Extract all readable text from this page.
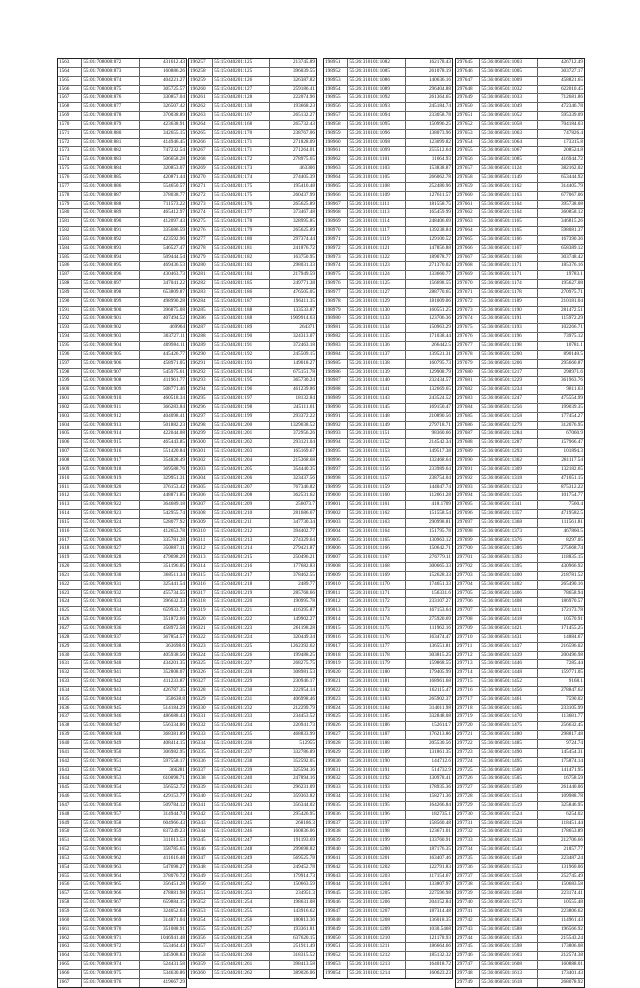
1563	55:01:708008:872	431612.43
1564	55:01:708008:873	160886.26
1565	55:01:708008:874	404221.27
1566	55:01:708008:875	305725.57
1567	55:01:708008:876	330857.04
1568	55:01:708008:877	326507.42
1569	55:01:708008:878	370038.89
1570	55:01:708008:879	423638.91
1571	55:01:708008:880	342655.15
1572	55:01:708008:881	414946.45
1573	55:01:708008:882	747232.54
1574	55:01:708008:883	506658.28
1575	55:01:708008:884	320853.07
1576	55:01:708008:885	420871.44
1577	55:01:708008:886	554650.57
1578	55:01:708008:887	378038.77
1579	55:01:708008:888	711573.22
1580	55:01:708008:889	465412.97
1581	55:01:708008:890	412097.43
1582	55:01:708008:891	335686.59
1583	55:01:708008:892	423592.96
1584	55:01:708008:893	546527.47
1585	55:01:708008:894	509444.54
1586	55:01:708008:895	469436.53
1587	55:01:708008:896	430463.73
1588	55:01:708008:897	347041.22
1589	55:01:708008:898	653809.87
1590	55:01:708008:899	498990.28
1591	55:01:708008:900	396875.08
1592	55:01:708008:901	407494.52
1593	55:01:708008:902	469964
1594	55:01:708008:903	303727.11
1595	55:01:708008:904	409984.11
1596	55:01:708008:905	445426.77
1597	55:01:708008:906	458971.05
1598	55:01:708008:907	545975.61
1599	55:01:708008:908	411961.77
1600	55:01:708008:909	508771.46
1601	55:01:708008:910	460518.34
1602	55:01:708008:911	366283.84
1603	55:01:708008:912	404098.41
1604	55:01:708008:913	501882.23
1605	55:01:708008:914	422044.08
1606	55:01:708008:915	465443.85
1607	55:01:708008:916	551420.84
1608	55:01:708008:917	354828.49
1609	55:01:708008:918	369588.76
1610	55:01:708008:919	329951.31
1611	55:01:708008:920	376153.42
1612	55:01:708008:921	448871.85
1613	55:01:708008:922	364689.18
1614	55:01:708008:923	542955.74
1615	55:01:708008:924	528077.92
1616	55:01:708008:925	412653.78
1617	55:01:708008:926	335781.28
1618	55:01:708008:927	350887.11
1619	55:01:708008:928	479698.29
1620	55:01:708008:929	351196.05
1621	55:01:708008:930	368511.34
1622	55:01:708008:931	325441.54
1623	55:01:708008:932	455734.55
1624	55:01:708008:933	396632.33
1625	55:01:708008:934	659933.73
1626	55:01:708008:935	351872.66
1627	55:01:708008:936	458972.58
1628	55:01:708008:937	367854.57
1629	55:01:708008:938	363698.6
1630	55:01:708008:939	405938.56
1631	55:01:708008:940	434201.35
1632	55:01:708008:941	352808.07
1633	55:01:708008:942	411233.87
1634	55:01:708008:943	426787.35
1635	55:01:708008:944	350638.8
1636	55:01:708008:945	514184.29
1637	55:01:708008:946	486688.43
1638	55:01:708008:947	556334.86
1639	55:01:708008:948	368381.89
1640	55:01:708008:949	408414.15
1641	55:01:708008:950	306982.95
1642	55:01:708008:951	597558.17
1643	55:01:708008:952	366281
1644	55:01:708008:953	610098.71
1645	55:01:708008:954	356552.72
1646	55:01:708008:955	429153.77
1647	55:01:708008:956	509784.12
1648	55:01:708008:957	314944.74
1649	55:01:708008:958	604966.43
1650	55:01:708008:959	837249.23
1651	55:01:708008:960	311613.53
1652	55:01:708008:961	358785.65
1653	55:01:708008:962	411616.48
1654	55:01:708008:963	547698.27
1655	55:01:708008:964	378070.72
1656	55:01:708008:965	356451.28
1657	55:01:708008:966	478881.98
1658	55:01:708008:967	659884.15
1659	55:01:708008:968	324052.63
1660	55:01:708008:969	314871.04
1661	55:01:708008:970	351088.91
1662	55:01:708008:971	1046941.48
1663	55:01:708008:972	553464.43
1664	55:01:708008:973	345908.83
1665	55:01:708008:974	524431.58
1666	55:01:708008:975	534630.86
1667	55:01:708008:976	419667.29
196257	55:15:040201:125	213745.89
196258	55:15:040201:125	396039.55
196259	55:15:040201:126	326387.82
196260	55:15:040201:127	259186.41
196261	55:15:040201:128	222074.96
196262	55:15:040201:130	193668.23
196263	55:15:040201:167	265132.27
196264	55:15:040201:168	265732.43
196265	55:15:040201:170	238767.06
196266	55:15:040201:171	271828.09
196267	55:15:040201:171	271264.01
196268	55:15:040201:172	278975.65
196269	55:15:040201:173	463306
196270	55:15:040201:174	274405.39
196271	55:15:040201:175	195410.48
196272	55:15:040201:175	260437.99
196273	55:15:040201:176	265625.89
196274	55:15:040201:177	373467.48
196275	55:15:040201:178	328995.85
196276	55:15:040201:179	265625.89
196277	55:15:040201:180	297374.44
196278	55:15:040201:181	241876.72
196279	55:15:040201:182	163750.95
196280	55:15:040201:183	298031.33
196281	55:15:040201:184	217949.59
196282	55:15:040201:185	249771.38
196283	55:15:040201:186	476505.05
196284	55:15:040201:187	196411.35
196285	55:15:040201:188	133533.87
196286	55:15:040201:188	1909914.63
196287	55:15:040201:189	264371
196288	55:15:040201:190	324313.07
196289	55:15:040201:191	372463.18
196290	55:15:040201:192	245509.15
196291	55:15:040201:193	149018.27
196292	55:15:040201:194	675151.78
196293	55:15:040201:195	365730.24
196294	55:15:040201:196	461239.86
196295	55:15:040201:197	18132.84
196296	55:15:040201:198	245111.61
196297	55:15:040201:199	293372.22
196298	55:15:040201:200	1329038.52
196299	55:15:040201:201	372956.26
196300	55:15:040201:202	293121.04
196301	55:15:040201:203	165169.67
196302	55:15:040201:204	215368.68
196303	55:15:040201:205	354440.35
196304	55:15:040201:206	323437.56
196305	55:15:040201:207	767346.82
196306	55:15:040201:208	362531.62
196307	55:15:040201:209	256073.7
196308	55:15:040201:210	281686.67
196309	55:15:040201:211	347730.34
196310	55:15:040201:212	394402.77
196311	55:15:040201:213	274329.64
196312	55:15:040201:214	279421.87
196313	55:15:040201:215	250496.21
196314	55:15:040201:216	177682.83
196315	55:15:040201:217	378462.55
196316	55:15:040201:218	2489.77
196317	55:15:040201:219	285768.66
196318	55:15:040201:220	190995.78
196319	55:15:040201:221	416395.87
196320	55:15:040201:222	149902.27
196321	55:15:040201:223	261198.28
196322	55:15:040201:224	320449.34
196323	55:15:040201:225	1262392.62
196324	55:15:040201:226	199488.25
196325	55:15:040201:227	268275.75
196326	55:15:040201:228	308981.53
196327	55:15:040201:229	230946.17
196328	55:15:040201:230	222954.14
196329	55:15:040201:231	406998.46
196330	55:15:040201:232	212299.79
196331	55:15:040201:233	234453.52
196332	55:15:040201:234	220941.73
196333	55:15:040201:235	468833.99
196334	55:15:040201:236	512955
196335	55:15:040201:237	332786.89
196336	55:15:040201:238	352592.05
196337	55:15:040201:239	325594.36
196338	55:15:040201:240	247894.16
196339	55:15:040201:241	296231.09
196340	55:15:040201:242	359363.82
196341	55:15:040201:243	356344.02
196342	55:15:040201:244	295426.95
196343	55:15:040201:245	268186.3
196344	55:15:040201:246	160836.06
196345	55:15:040201:247	191193.69
196346	55:15:040201:248	299698.82
196347	55:15:040201:249	569525.78
196348	55:15:040201:250	249452.78
196349	55:15:040201:251	179914.73
196350	55:15:040201:252	150663.59
196351	55:15:040201:253	234951.3
196352	55:15:040201:254	198631.08
196353	55:15:040201:255	143916.62
196354	55:15:040201:256	180813.36
196355	55:15:040201:257	193361.81
196356	55:15:040201:258	637620.15
196357	55:15:040201:259	251911.49
196358	55:15:040201:260	318315.52
196359	55:15:040201:261	398413.58
196360	55:15:040201:262	389026.06
198951	55:26:310101:1082	162178.43
198952	55:26:310101:1085	261078.19
198953	55:26:310101:1086	140636.16
198954	55:26:310101:1089	296404.88
198955	55:26:310101:1092	261364.65
198956	55:26:310101:1093	245184.74
198957	55:26:310101:1094	233058.78
198958	55:26:310101:1095	150996.25
198959	55:26:310101:1096	138073.96
198960	55:26:310101:1098	123099.82
198961	55:26:310101:1099	255512.64
198962	55:26:310101:1101	11664.93
198963	55:26:310101:1103	153838.87
198964	55:26:310101:1105	266062.78
198965	55:26:310101:1108	252480.96
198966	55:26:310101:1109	127611.57
198967	55:26:310101:1111	181558.75
198968	55:26:310101:1113	165459.99
198969	55:26:310101:1114	248406.69
198970	55:26:310101:1117	139238.84
198971	55:26:310101:1119	129100.52
198972	55:26:310101:1121	147856.88
198973	55:26:310101:1122	189078.77
198974	55:26:310101:1123	271370.02
198975	55:26:310101:1124	133660.77
198976	55:26:310101:1125	156698.55
198977	55:26:310101:1127	288770.65
198978	55:26:310101:1129	181009.06
198979	55:26:310101:1130	160551.25
198980	55:26:310101:1133	123706.36
198981	55:26:310101:1134	150963.29
198982	55:26:310101:1135	171038.44
198983	55:26:310101:1136	266442.5
198984	55:26:310101:1137	139521.31
198985	55:26:310101:1138	160795.73
198986	55:26:310101:1139	129908.79
198987	55:26:310101:1140	232434.57
198988	55:26:310101:1141	132669.65
198989	55:26:310101:1143	243524.52
198990	55:26:310101:1145	169150.47
198991	55:26:310101:1148	210890.56
198992	55:26:310101:1149	279718.71
198993	55:26:310101:1151	98360.66
198994	55:26:310101:1152	214542.34
198995	55:26:310101:1153	149517.38
198996	55:26:310101:1155	132468.64
198997	55:26:310101:1156	233989.64
198998	55:26:310101:1157	238754.04
198999	55:26:310101:1159	144047.74
199000	55:26:310101:1160	112661.28
199001	55:26:310101:1161	418.1709
199002	55:26:310101:1162	151558.54
199003	55:26:310101:1163	290998.81
199004	55:26:310101:1164	151795.78
199005	55:26:310101:1165	130963.12
199006	55:26:310101:1166	150642.71
199007	55:26:310101:1167	276779.11
199008	55:26:310101:1168	300665.33
199009	55:26:310101:1169	152628.33
199010	55:26:310101:1170	174651.33
199011	55:26:310101:1171	156331.6
199012	55:26:310101:1172	233107.27
199013	55:26:310101:1173	167153.64
199014	55:26:310101:1174	275920.69
199015	55:26:310101:1175	111962.16
199016	55:26:310101:1176	163474.47
199017	55:26:310101:1177	136551.81
199018	55:26:310101:1178	303815.25
199019	55:26:310101:1179	159868.55
199020	55:26:310101:1180	179405.99
199021	55:26:310101:1181	168961.68
199022	55:26:310101:1182	162115.47
199023	55:26:310101:1183	265902.37
199024	55:26:310101:1184	314011.98
199025	55:26:310101:1185	332848.08
199026	55:26:310101:1186	152614.7
199027	55:26:310101:1187	176213.86
199028	55:26:310101:1188	205530.56
199029	55:26:310101:1189	131861.35
199030	55:26:310101:1190	144712.6
199031	55:26:310101:1191	514732.9
199032	55:26:310101:1192	130978.41
199033	55:26:310101:1193	178935.36
199034	55:26:310101:1194	158271.36
199035	55:26:310101:1195	164266.84
199036	55:26:310101:1196	182735.1
199037	55:26:310101:1197	158560.48
199038	55:26:310101:1198	123671.01
199039	55:26:310101:1199	133760.91
199040	55:26:310101:1200	187176.35
199041	55:26:310101:1201	163407.46
199042	55:26:310101:1202	122791.83
199043	55:26:310101:1203	117154.67
199044	55:26:310101:1204	133807.97
199045	55:26:310101:1205	227596.98
199046	55:26:310101:1206	204152.84
199047	55:26:310101:1207	187314.48
199048	55:26:310101:1208	136018.35
199049	55:26:310101:1209	1030.5468
199050	55:26:310101:1210	121178.93
199051	55:26:310101:1211	186664.66
199052	55:26:310101:1212	185132.32
199053	55:26:310101:1213	164018.72
199054	55:26:310101:1214	160623.23
297645	55:36:060501:1003	426712.49
297646	55:36:060501:1005	303727.17
297647	55:36:060501:1009	458821.65
297648	55:36:060501:1032	622010.45
297649	55:36:060501:1033	712681.86
297650	55:36:060501:1049	472346.78
297651	55:36:060501:1052	595339.09
297652	55:36:060501:1058	704184.03
297653	55:36:060501:1063	747826.4
297654	55:36:060501:1064	173315.8
297655	55:36:060501:1067	208524.8
297656	55:36:060501:1085	416944.72
297657	55:36:060501:1124	382162.02
297658	55:36:060501:1149	653444.92
297659	55:36:060501:1162	314405.79
297660	55:36:060501:1163	677067.06
297661	55:36:060501:1164	395738.08
297662	55:36:060501:1164	360858.12
297663	55:36:060501:1165	346815.26
297664	55:36:060501:1165	598081.37
297665	55:36:060501:1166	167390.36
297666	55:36:060501:1167	658389.12
297667	55:36:060501:1168	303748.42
297668	55:36:060501:1171	185376.16
297669	55:36:060501:1171	19783.1
297670	55:36:060501:1174	195627.08
297671	55:36:060501:1178	270975.71
297672	55:36:060501:1189	210181.04
297673	55:36:060501:1190	281472.51
297674	55:36:060501:1191	115972.29
297675	55:36:060501:1193	102266.71
297676	55:36:060501:1196	73975.12
297677	55:36:060501:1198	10781.1
297678	55:36:060501:1200	890140.5
297679	55:36:060501:1206	295660.87
297680	55:36:060501:1217	298971.6
297681	55:36:060501:1229	361963.76
297682	55:36:060501:1234	9811.63
297683	55:36:060501:1247	475554.99
297684	55:36:060501:1256	199039.35
297685	55:36:060501:1258	177454.27
297686	55:36:060501:1279	312076.95
297687	55:36:060501:1284	67060.9
297688	55:36:060501:1287	157966.47
297689	55:36:060501:1293	101894.3
297690	55:36:060501:1302	281117.54
297691	55:36:060501:1309	132182.65
297692	55:36:060501:1318	471651.15
297693	55:36:060501:1323	875312.22
297694	55:36:060501:1335	101754.77
297695	55:36:060501:1341	7560.4
297696	55:36:060501:1357	4719582.5
297697	55:36:060501:1368	111561.81
297698	55:36:060501:1373	467860.5
297699	55:36:060501:1376	8297.05
297700	55:36:060501:1386	275668.74
297701	55:36:060501:1393	118835.15
297702	55:36:060501:1395	430966.92
297703	55:36:060501:1400	218781.52
297704	55:36:060501:1402	265490.16
297705	55:36:060501:1406	78658.94
297706	55:36:060501:1408	186970.57
297707	55:36:060501:1411	172173.78
297708	55:36:060501:1418	10570.91
297709	55:36:060501:1421	171455.25
297710	55:36:060501:1431	14884.67
297711	55:36:060501:1437	216596.02
297712	55:36:060501:1439	200496.98
297713	55:36:060501:1446	7285.44
297714	55:36:060501:1448	159771.05
297715	55:36:060501:1452	9168.1
297716	55:36:060501:1456	278847.62
297717	55:36:060501:1461	7590.02
297718	55:36:060501:1465	233105.99
297719	55:36:060501:1470	113681.77
297720	55:36:060501:1475	256632.45
297721	55:36:060501:1480	298817.48
297722	55:36:060501:1485	9724.74
297723	55:36:060501:1490	145454.31
297724	55:36:060501:1495	175874.14
297725	55:36:060501:1500	141471.95
297726	55:36:060501:1505	16758.59
297727	55:36:060501:1509	261440.06
297728	55:36:060501:1514	109988.78
297729	55:36:060501:1519	325846.95
297730	55:36:060501:1524	6254.02
297731	55:36:060501:1528	118451.44
297732	55:36:060501:1533	178653.89
297733	55:36:060501:1538	212706.66
297734	55:36:060501:1543	21857.77
297735	55:36:060501:1548	223487.24
297736	55:36:060501:1553	131960.06
297737	55:36:060501:1558	252745.49
297738	55:36:060501:1563	150683.58
297739	55:36:060501:1568	223174.41
297740	55:36:060501:1573	10555.48
297741	55:36:060501:1578	223806.62
297742	55:36:060501:1583	114961.43
297743	55:36:060501:1588	196566.92
297744	55:36:060501:1593	215543.24
297745	55:36:060501:1598	173806.08
297746	55:36:060501:1603	212574.38
297747	55:36:060501:1608	160888.01
297748	55:36:060501:1613	173401.43
297749	55:36:060501:1618	268078.92
